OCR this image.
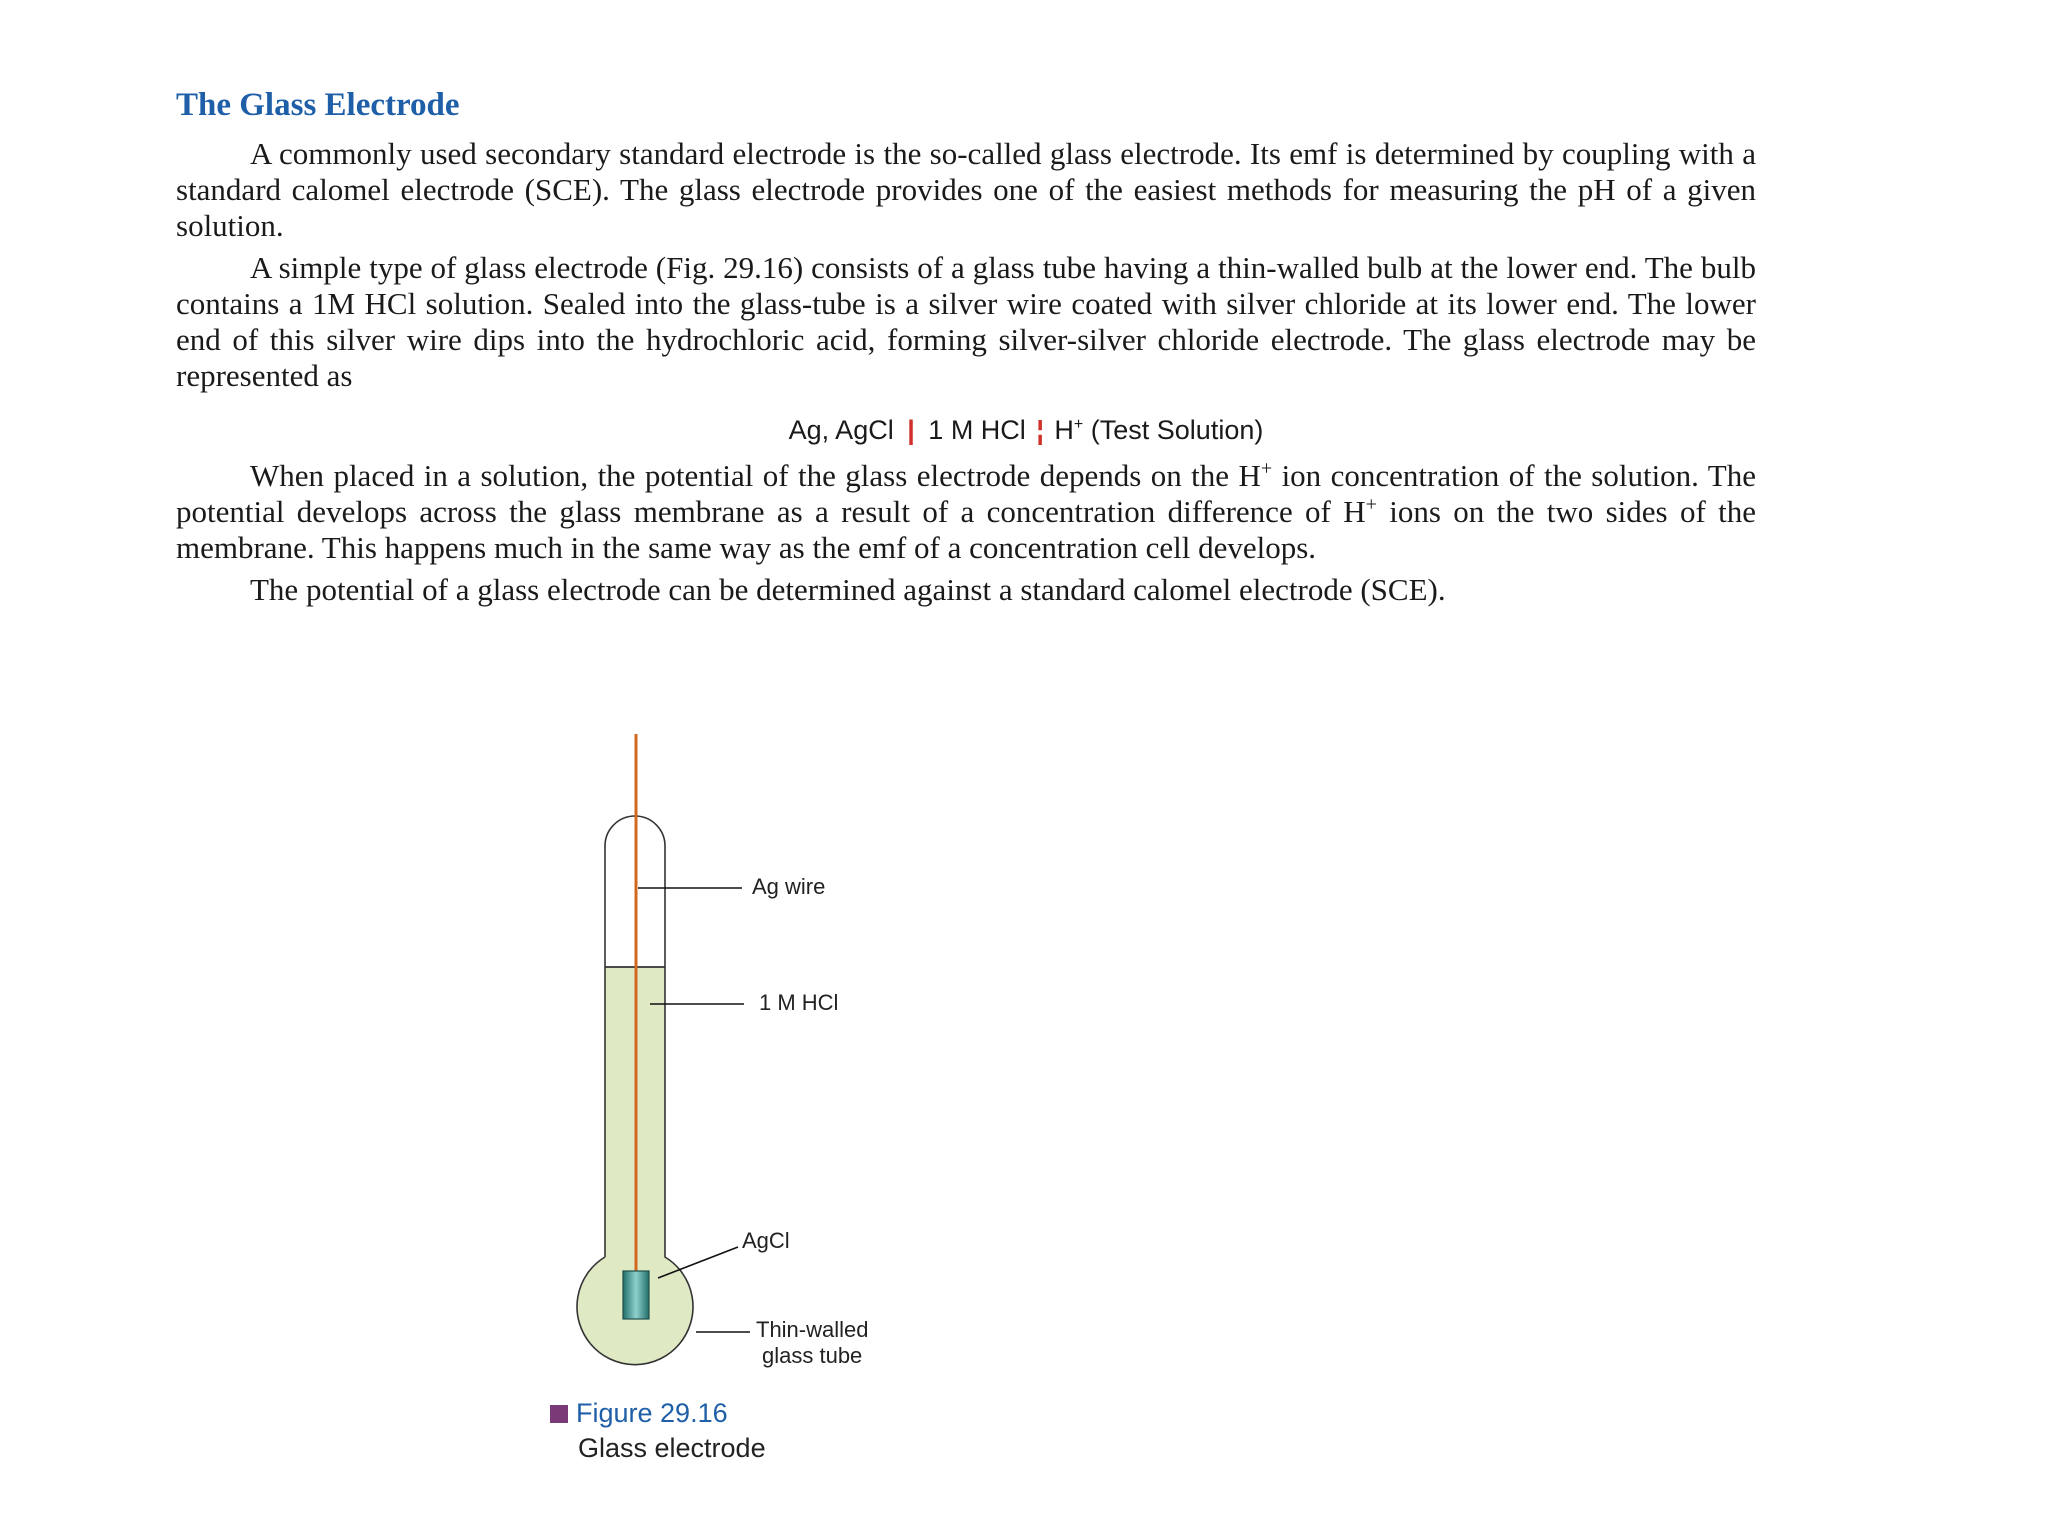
The Glass Electrode

A commonly used secondary standard electrode is the so-called glass electrode. Its emf is determined by coupling with a standard calomel electrode (SCE). The glass electrode provides one of the easiest methods for measuring the pH of a given solution.

A simple type of glass electrode (Fig. 29.16) consists of a glass tube having a thin-walled bulb at the lower end. The bulb contains a 1M HCl solution. Sealed into the glass-tube is a silver wire coated with silver chloride at its lower end. The lower end of this silver wire dips into the hydrochloric acid, forming silver-silver chloride electrode. The glass electrode may be represented as

Ag, AgCl | 1 M HCl ¦ H+ (Test Solution)

When placed in a solution, the potential of the glass electrode depends on the H+ ion concentration of the solution. The potential develops across the glass membrane as a result of a concentration difference of H+ ions on the two sides of the membrane. This happens much in the same way as the emf of a concentration cell develops.

The potential of a glass electrode can be determined against a standard calomel electrode (SCE).

Ag wire
1 M HCl
AgCl
Thin-walled
glass tube
Figure 29.16
Glass electrode
